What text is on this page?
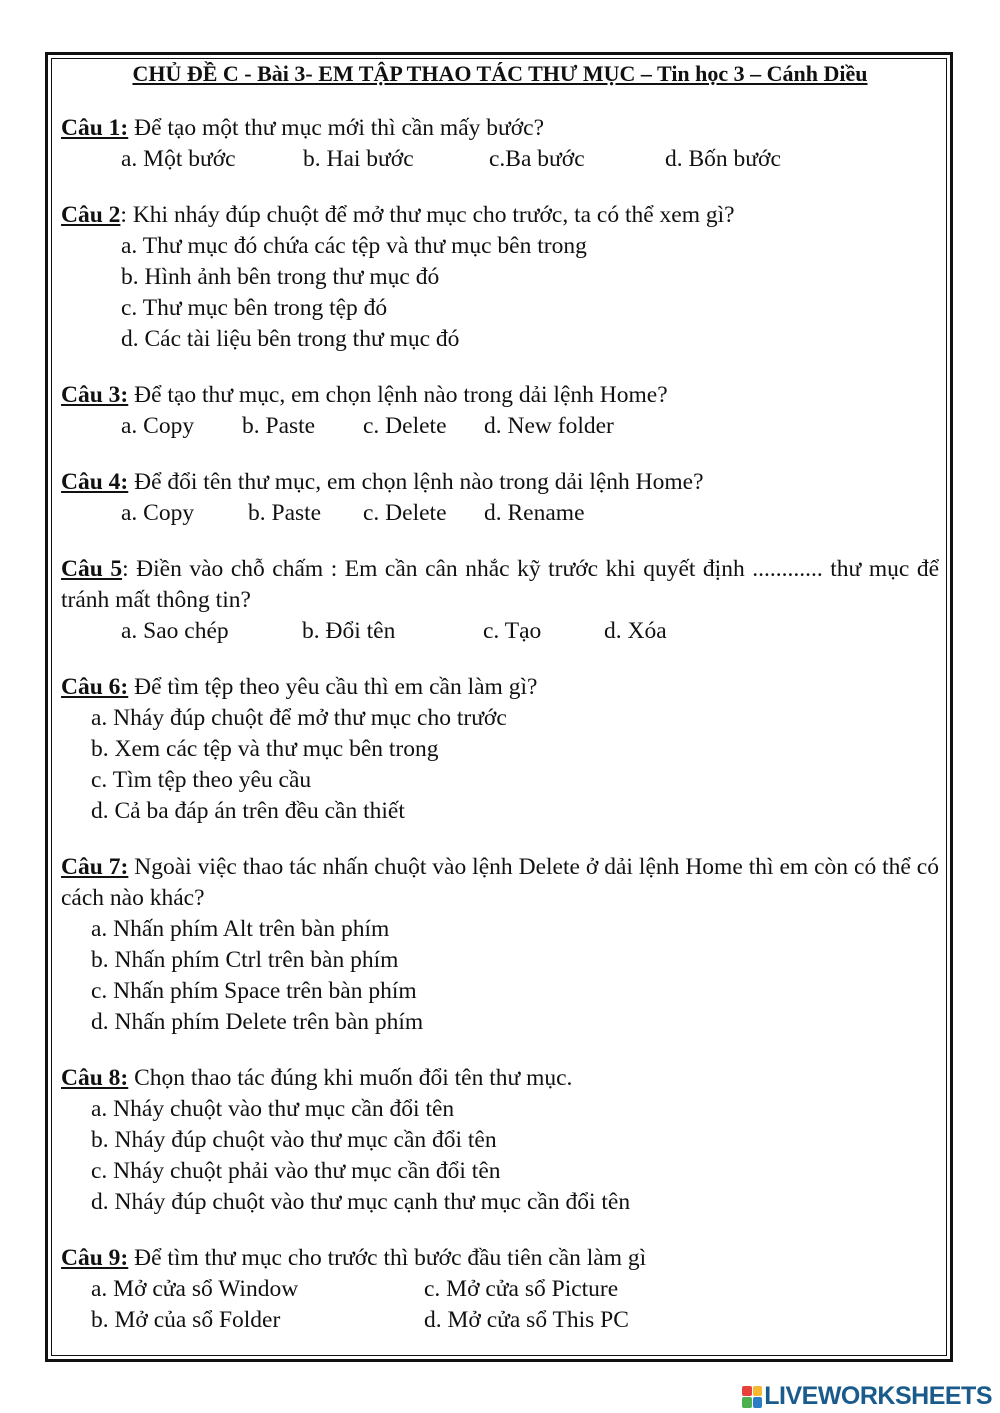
CHỦ ĐỀ C - Bài 3- EM TẬP THAO TÁC THƯ MỤC – Tin học 3 – Cánh Diều
Câu 1: Để tạo một thư mục mới thì cần mấy bước?
a. Một bước	b. Hai bước	c.Ba bước	d. Bốn bước
Câu 2: Khi nháy đúp chuột để mở thư mục cho trước, ta có thể xem gì?
a. Thư mục đó chứa các tệp và thư mục bên trong
b. Hình ảnh bên trong thư mục đó
c. Thư mục bên trong tệp đó
d. Các tài liệu bên trong thư mục đó
Câu 3: Để tạo thư mục, em chọn lệnh nào trong dải lệnh Home?
a. Copy	b. Paste	c. Delete	d. New folder
Câu 4: Để đổi tên thư mục, em chọn lệnh nào trong dải lệnh Home?
a. Copy	b. Paste	c. Delete	d. Rename
Câu 5: Điền vào chỗ chấm : Em cần cân nhắc kỹ trước khi quyết định ............ thư mục để tránh mất thông tin?
a. Sao chép	b. Đổi tên	c. Tạo	d. Xóa
Câu 6: Để tìm tệp theo yêu cầu thì em cần làm gì?
a. Nháy đúp chuột để mở thư mục cho trước
b. Xem các tệp và thư mục bên trong
c. Tìm tệp theo yêu cầu
d. Cả ba đáp án trên đều cần thiết
Câu 7: Ngoài việc thao tác nhấn chuột vào lệnh Delete ở dải lệnh Home thì em còn có thể có cách nào khác?
a. Nhấn phím Alt trên bàn phím
b. Nhấn phím Ctrl trên bàn phím
c. Nhấn phím Space trên bàn phím
d. Nhấn phím Delete trên bàn phím
Câu 8: Chọn thao tác đúng khi muốn đổi tên thư mục.
a. Nháy chuột vào thư mục cần đổi tên
b. Nháy đúp chuột vào thư mục cần đổi tên
c. Nháy chuột phải vào thư mục cần đổi tên
d. Nháy đúp chuột vào thư mục cạnh thư mục cần đổi tên
Câu 9: Để tìm thư mục cho trước thì bước đầu tiên cần làm gì
a. Mở cửa sổ Window	c. Mở cửa sổ Picture
b. Mở của sổ Folder	d. Mở cửa sổ This PC
LIVEWORKSHEETS
